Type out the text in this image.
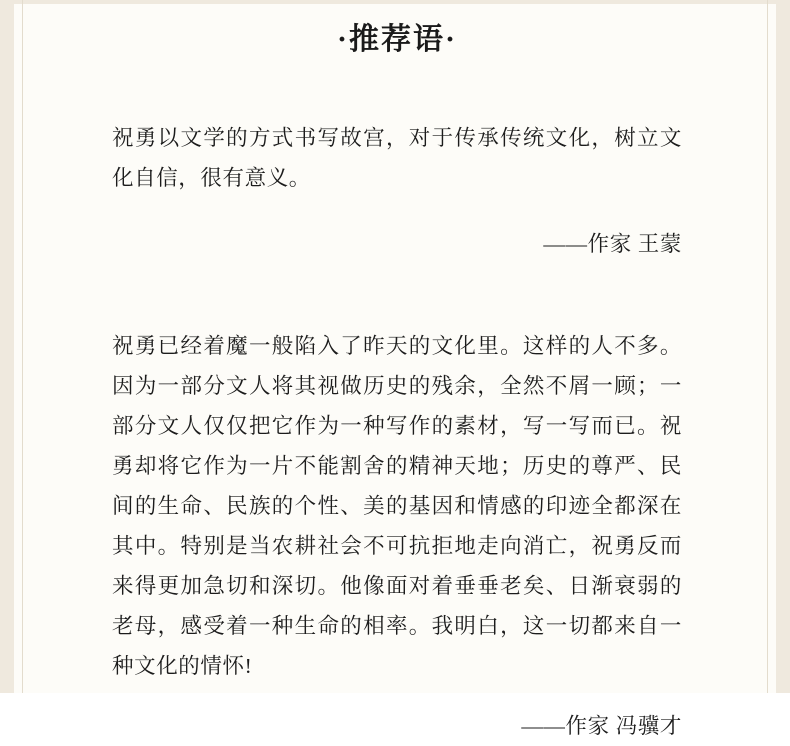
·推荐语·

祝勇以文学的方式书写故宫，对于传承传统文化，树立文化自信，很有意义。

——作家 王蒙

祝勇已经着魔一般陷入了昨天的文化里。这样的人不多。因为一部分文人将其视做历史的残余，全然不屑一顾；一部分文人仅仅把它作为一种写作的素材，写一写而已。祝勇却将它作为一片不能割舍的精神天地；历史的尊严、民间的生命、民族的个性、美的基因和情感的印迹全都深在其中。特别是当农耕社会不可抗拒地走向消亡，祝勇反而来得更加急切和深切。他像面对着垂垂老矣、日渐衰弱的老母，感受着一种生命的相率。我明白，这一切都来自一种文化的情怀!

——作家 冯骥才
